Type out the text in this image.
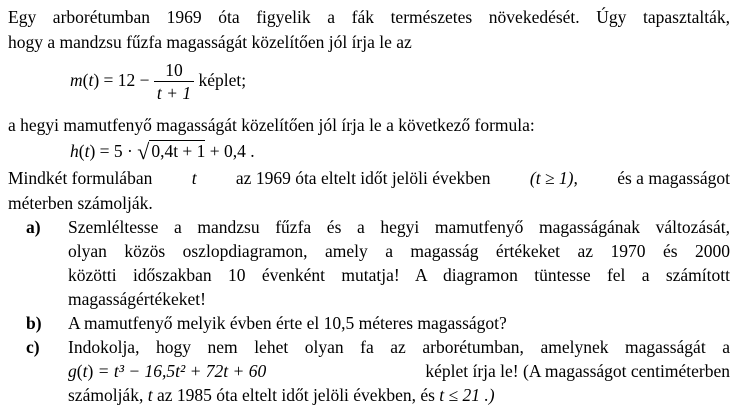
Egy arborétumban 1969 óta figyelik a fák természetes növekedését. Úgy tapasztalták,
hogy a mandzsu fűzfa magasságát közelítően jól írja le az
$m(t) = 12 - \frac{10}{t + 1}$ képlet;
a hegyi mamutfenyő magasságát közelítően jól írja le a következő formula:
h(t) = 5 · √ 0,4t + 1 + 0,4 .
Mindkét formulában t az 1969 óta eltelt időt jelöli években (t ≥ 1), és a magasságot
méterben számolják.
a) Szemléltesse a mandzsu fűzfa és a hegyi mamutfenyő magasságának változását,
olyan közös oszlopdiagramon, amely a magasság értékeket az 1970 és 2000
közötti időszakban 10 évenként mutatja! A diagramon tüntesse fel a számított
magasságértékeket!
b) A mamutfenyő melyik évben érte el 10,5 méteres magasságot?
c) Indokolja, hogy nem lehet olyan fa az arborétumban, amelynek magasságát a
g(t) = t³ − 16,5t² + 72t + 60	képlet írja le! (A magasságot centiméterben
számolják, t az 1985 óta eltelt időt jelöli években, és t ≤ 21 .)
